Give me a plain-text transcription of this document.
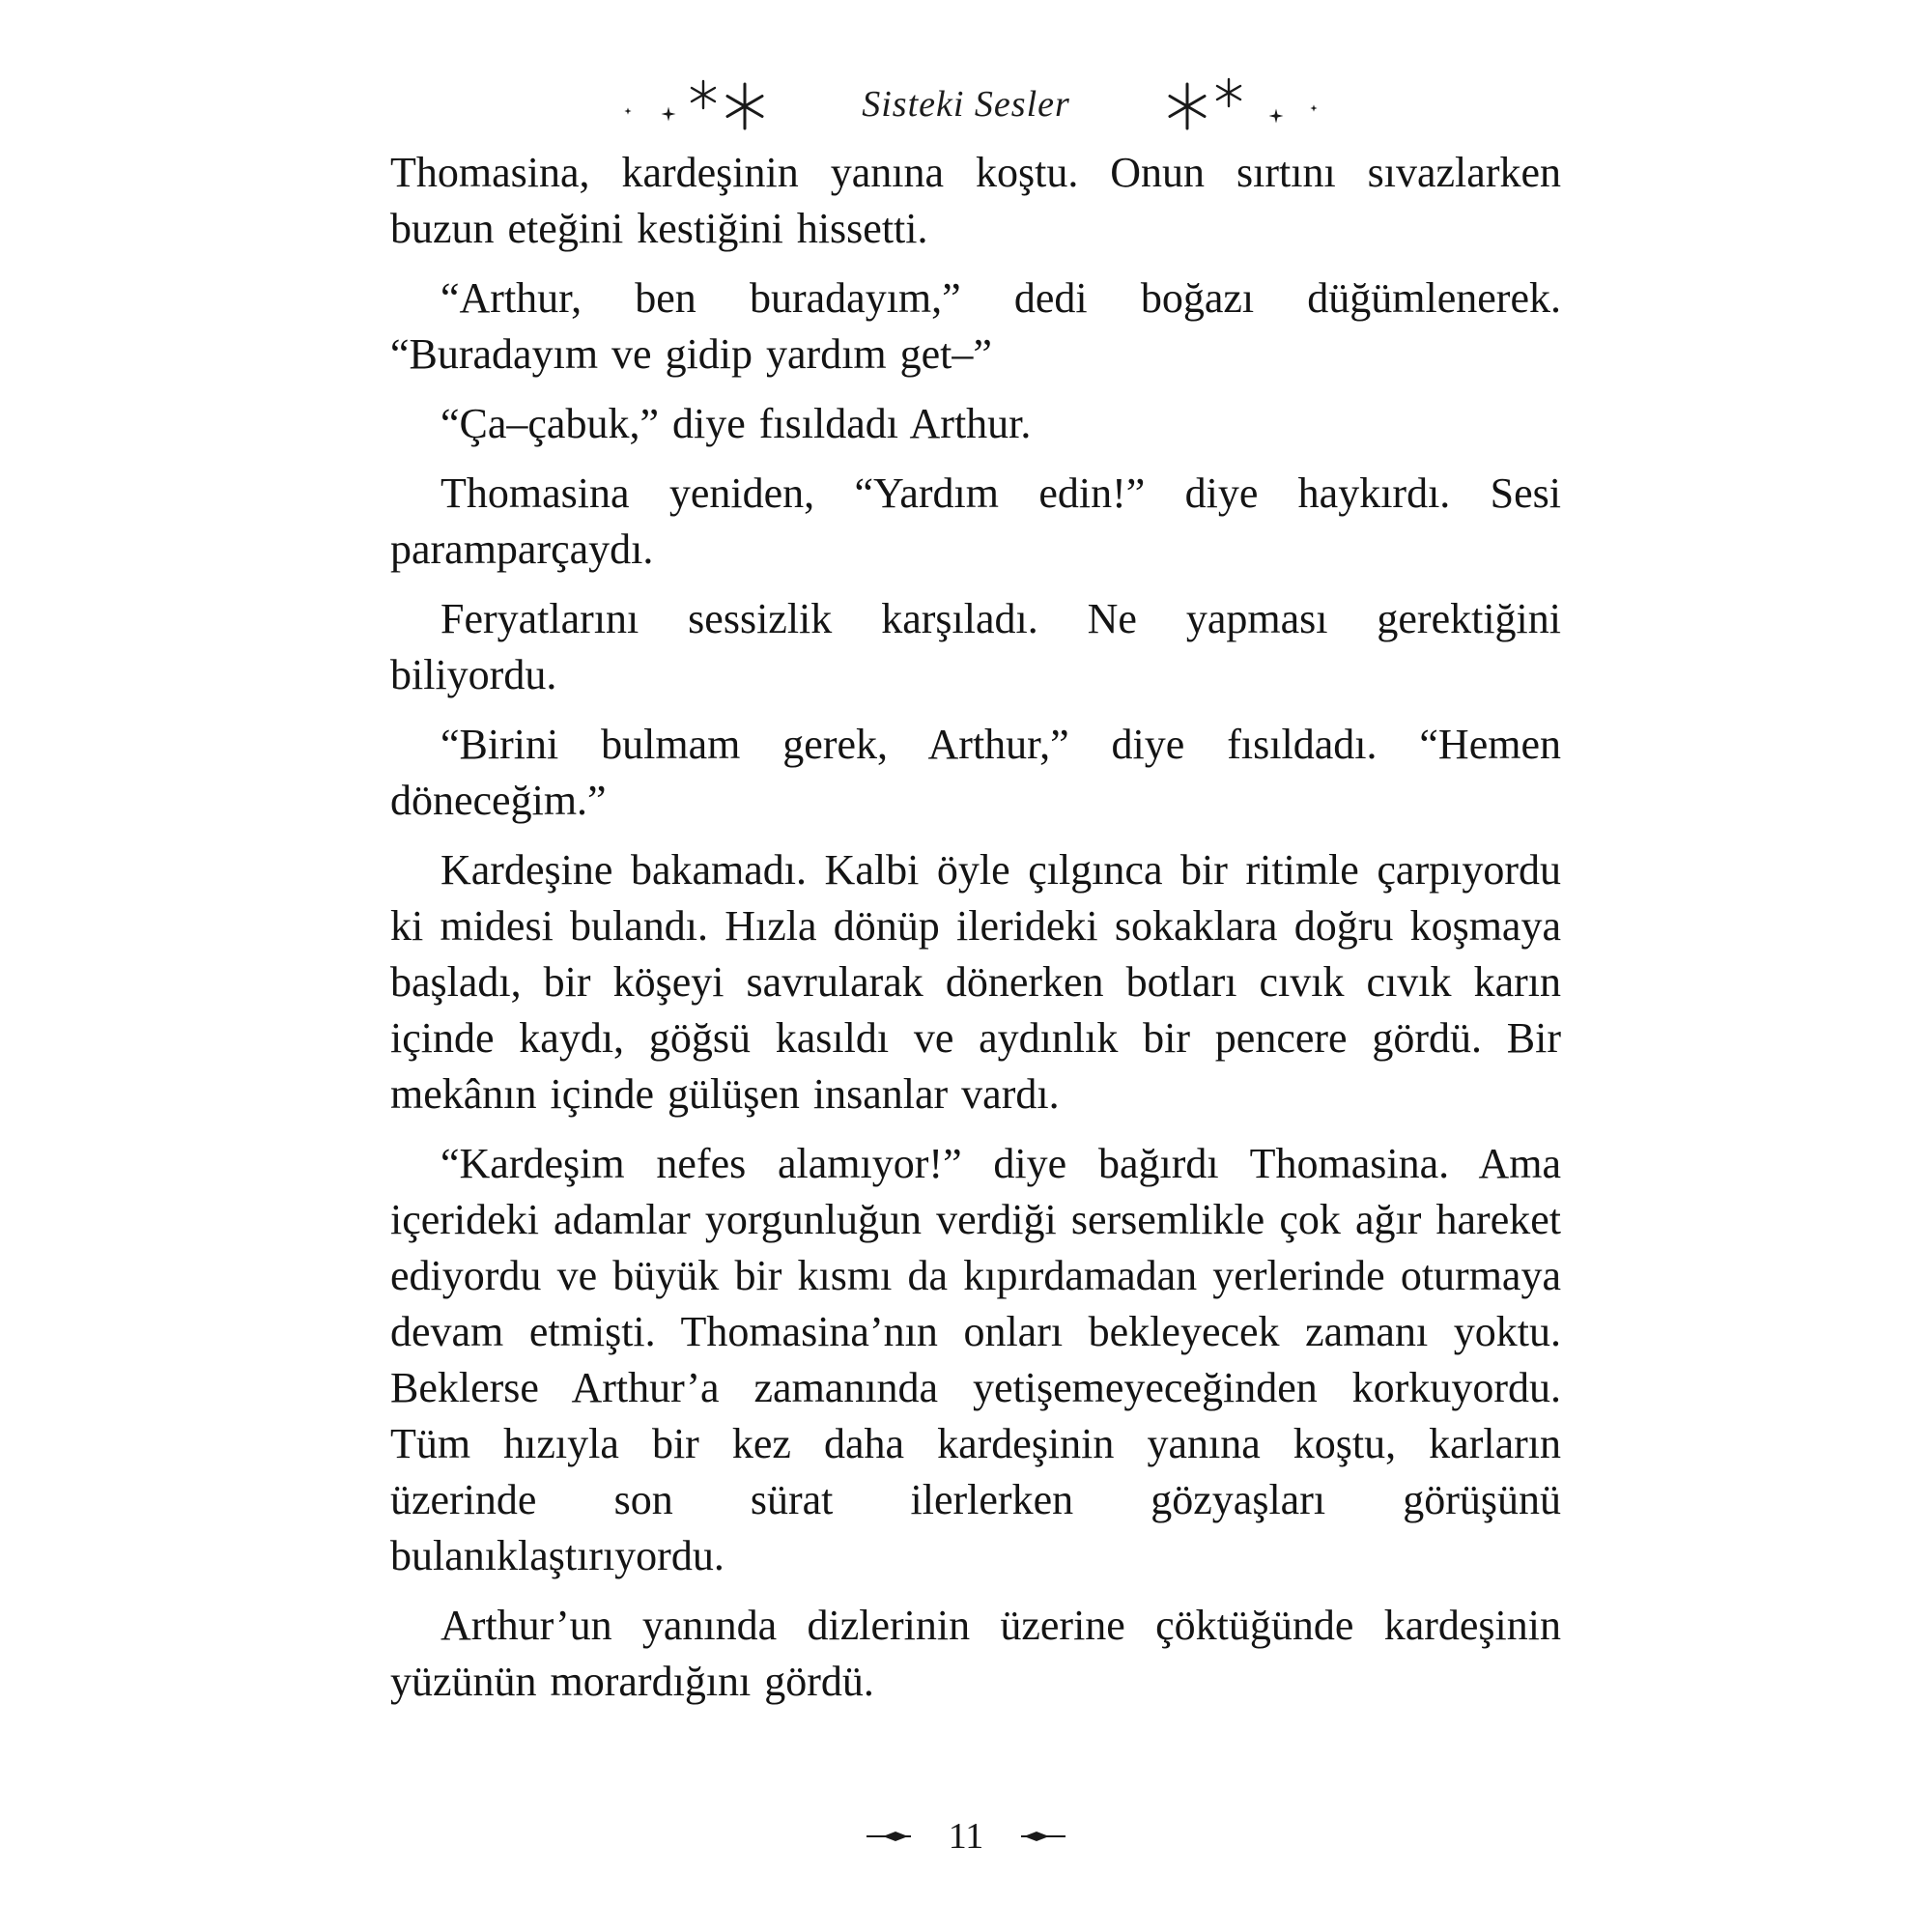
Sisteki Sesler

Thomasina, kardeşinin yanına koştu. Onun sırtını sıvazlarken buzun eteğini kestiğini hissetti.

“Arthur, ben buradayım,” dedi boğazı düğümlenerek. “Buradayım ve gidip yardım get–”

“Ça–çabuk,” diye fısıldadı Arthur.

Thomasina yeniden, “Yardım edin!” diye haykırdı. Sesi paramparçaydı.

Feryatlarını sessizlik karşıladı. Ne yapması gerektiğini biliyordu.

“Birini bulmam gerek, Arthur,” diye fısıldadı. “Hemen döneceğim.”

Kardeşine bakamadı. Kalbi öyle çılgınca bir ritimle çarpıyordu ki midesi bulandı. Hızla dönüp ilerideki sokaklara doğru koşmaya başladı, bir köşeyi savrularak dönerken botları cıvık cıvık karın içinde kaydı, göğsü kasıldı ve aydınlık bir pencere gördü. Bir mekânın içinde gülüşen insanlar vardı.

“Kardeşim nefes alamıyor!” diye bağırdı Thomasina. Ama içerideki adamlar yorgunluğun verdiği sersemlikle çok ağır hareket ediyordu ve büyük bir kısmı da kıpırdamadan yerlerinde oturmaya devam etmişti. Thomasina’nın onları bekleyecek zamanı yoktu. Beklerse Arthur’a zamanında yetişemeyeceğinden korkuyordu. Tüm hızıyla bir kez daha kardeşinin yanına koştu, karların üzerinde son sürat ilerlerken gözyaşları görüşünü bulanıklaştırıyordu.

Arthur’un yanında dizlerinin üzerine çöktüğünde kardeşinin yüzünün morardığını gördü.

11
